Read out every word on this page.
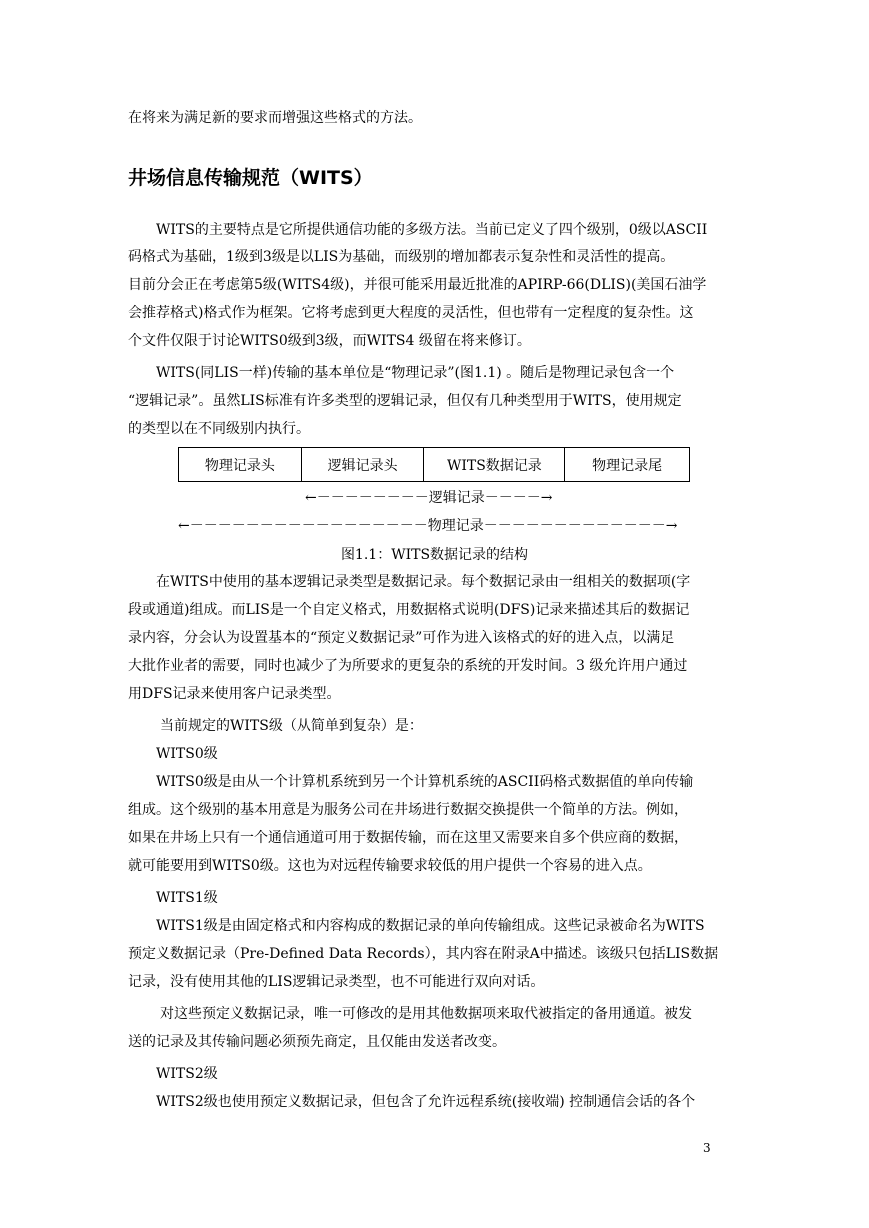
在将来为满足新的要求而增强这些格式的方法。
WITS的主要特点是它所提供通信功能的多级方法。当前已定义了四个级别，0级以ASCII
码格式为基础，1级到3级是以LIS为基础，而级别的增加都表示复杂性和灵活性的提高。
目前分会正在考虑第5级(WITS4级)，并很可能采用最近批准的APIRP-66(DLIS)(美国石油学
会推荐格式)格式作为框架。它将考虑到更大程度的灵活性，但也带有一定程度的复杂性。这
个文件仅限于讨论WITS0级到3级，而WITS4 级留在将来修订。
WITS(同LIS一样)传输的基本单位是“物理记录”(图1.1) 。随后是物理记录包含一个
“逻辑记录”。虽然LIS标准有许多类型的逻辑记录，但仅有几种类型用于WITS，使用规定
的类型以在不同级别内执行。
在WITS中使用的基本逻辑记录类型是数据记录。每个数据记录由一组相关的数据项(字
段或通道)组成。而LIS是一个自定义格式，用数据格式说明(DFS)记录来描述其后的数据记
录内容，分会认为设置基本的“预定义数据记录”可作为进入该格式的好的进入点，以满足
大批作业者的需要，同时也减少了为所要求的更复杂的系统的开发时间。3 级允许用户通过
用DFS记录来使用客户记录类型。
当前规定的WITS级（从简单到复杂）是：
WITS0级
WITS0级是由从一个计算机系统到另一个计算机系统的ASCII码格式数据值的单向传输
组成。这个级别的基本用意是为服务公司在井场进行数据交换提供一个简单的方法。例如，
如果在井场上只有一个通信通道可用于数据传输，而在这里又需要来自多个供应商的数据，
就可能要用到WITS0级。这也为对远程传输要求较低的用户提供一个容易的进入点。
WITS1级
WITS1级是由固定格式和内容构成的数据记录的单向传输组成。这些记录被命名为WITS
预定义数据记录（Pre-Defined Data Records），其内容在附录A中描述。该级只包括LIS数据
记录，没有使用其他的LIS逻辑记录类型，也不可能进行双向对话。
对这些预定义数据记录，唯一可修改的是用其他数据项来取代被指定的备用通道。被发
送的记录及其传输问题必须预先商定，且仅能由发送者改变。
WITS2级
WITS2级也使用预定义数据记录，但包含了允许远程系统(接收端) 控制通信会话的各个
井场信息传输规范（WITS）
物理记录头	逻辑记录头	WITS数据记录	物理记录尾
←－－－－－－－－逻辑记录－－－－→
←－－－－－－－－－－－－－－－－－物理记录－－－－－－－－－－－－－→
图1.1：WITS数据记录的结构
3
